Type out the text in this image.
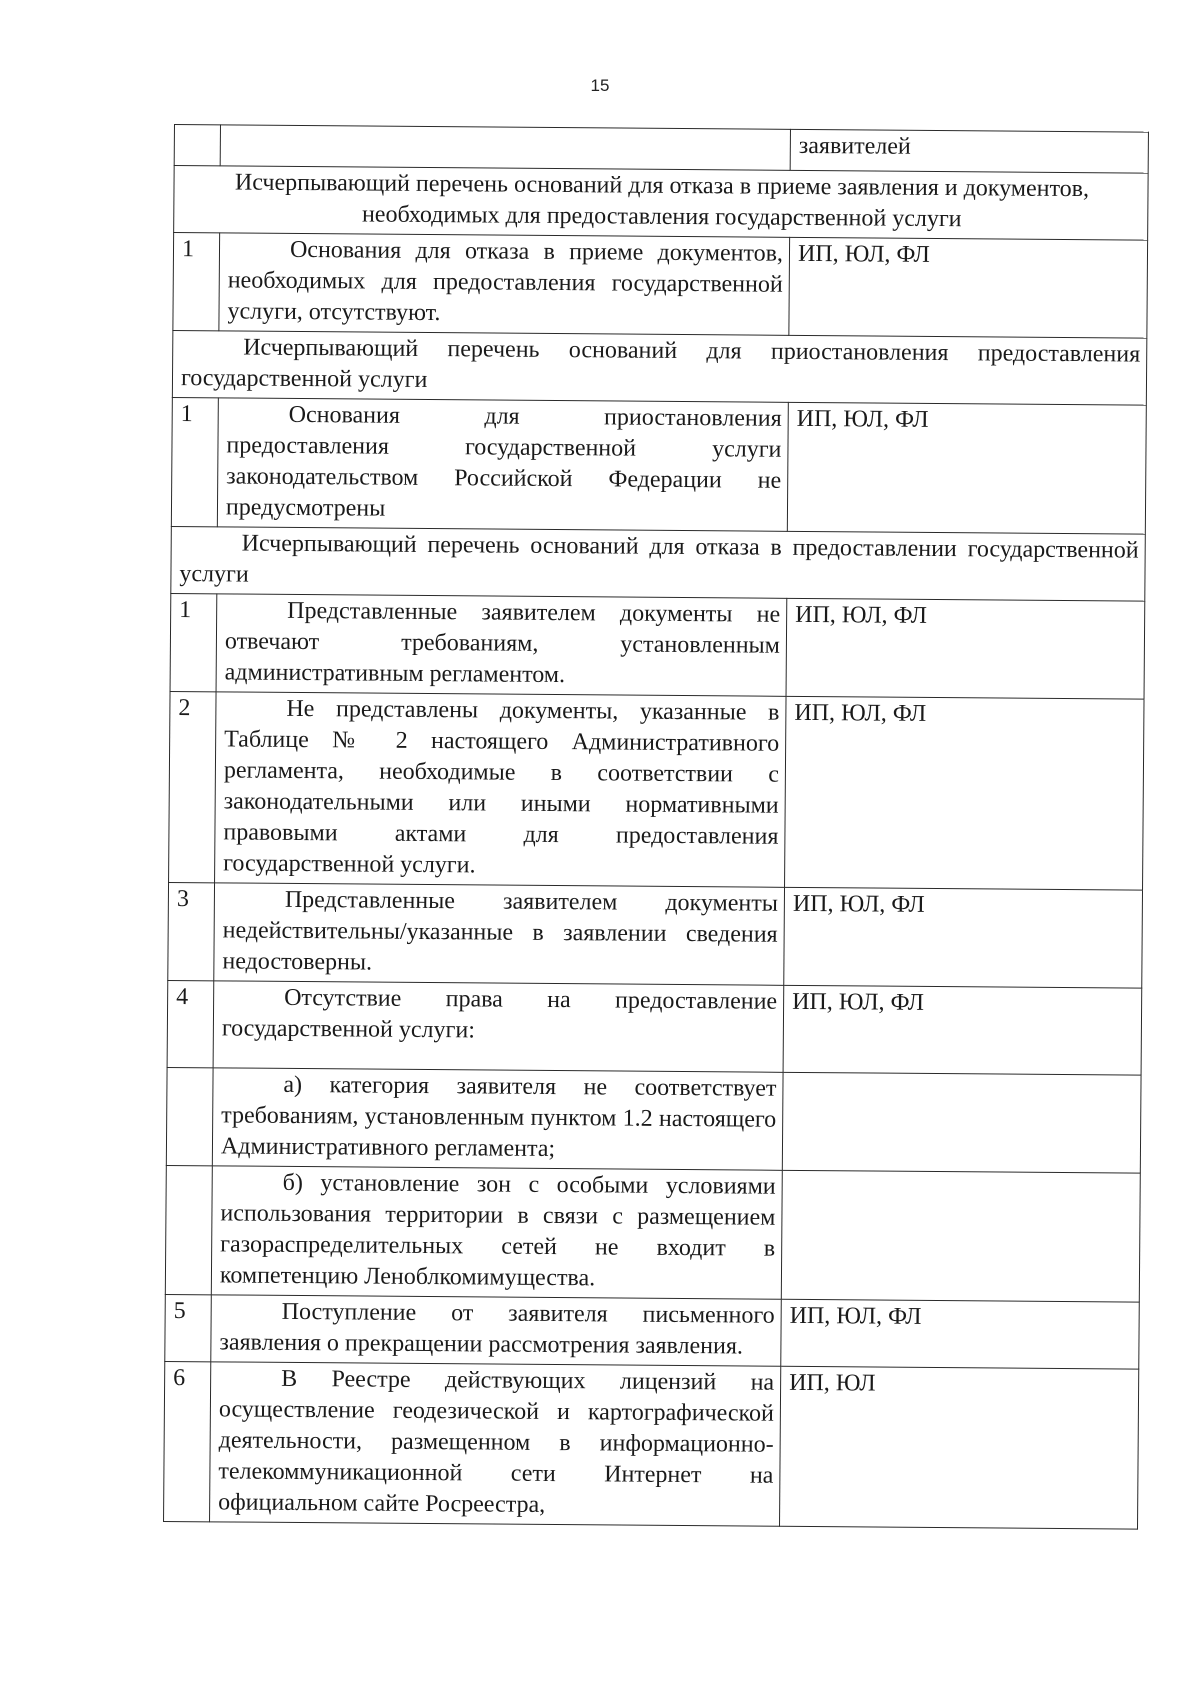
15
		заявителей
Исчерпывающий перечень оснований для отказа в приеме заявления и документов, необходимых для предоставления государственной услуги		
1	Основания для отказа в приеме документов, необходимых для предоставления государственной услуги, отсутствуют.	ИП, ЮЛ, ФЛ
Исчерпывающий перечень оснований для приостановления предоставления государственной услуги		
1	Основания для приостановления предоставления государственной услуги законодательством Российской Федерации не предусмотрены	ИП, ЮЛ, ФЛ
Исчерпывающий перечень оснований для отказа в предоставлении государственной услуги		
1	Представленные заявителем документы не отвечают требованиям, установленным административным регламентом.	ИП, ЮЛ, ФЛ
2	Не представлены документы, указанные в Таблице № 2 настоящего Административного регламента, необходимые в соответствии с законодательными или иными нормативными правовыми актами для предоставления государственной услуги.	ИП, ЮЛ, ФЛ
3	Представленные заявителем документы недействительны/указанные в заявлении сведения недостоверны.	ИП, ЮЛ, ФЛ
4	Отсутствие права на предоставление государственной услуги:	ИП, ЮЛ, ФЛ
	а) категория заявителя не соответствует требованиям, установленным пунктом 1.2 настоящего Административного регламента;	
	б) установление зон с особыми условиями использования территории в связи с размещением газораспределительных сетей не входит в компетенцию Леноблкомимущества.	
5	Поступление от заявителя письменного заявления о прекращении рассмотрения заявления.	ИП, ЮЛ, ФЛ
6	В Реестре действующих лицензий на осуществление геодезической и картографической деятельности, размещенном в информационно-телекоммуникационной сети Интернет на официальном сайте Росреестра,	ИП, ЮЛ
